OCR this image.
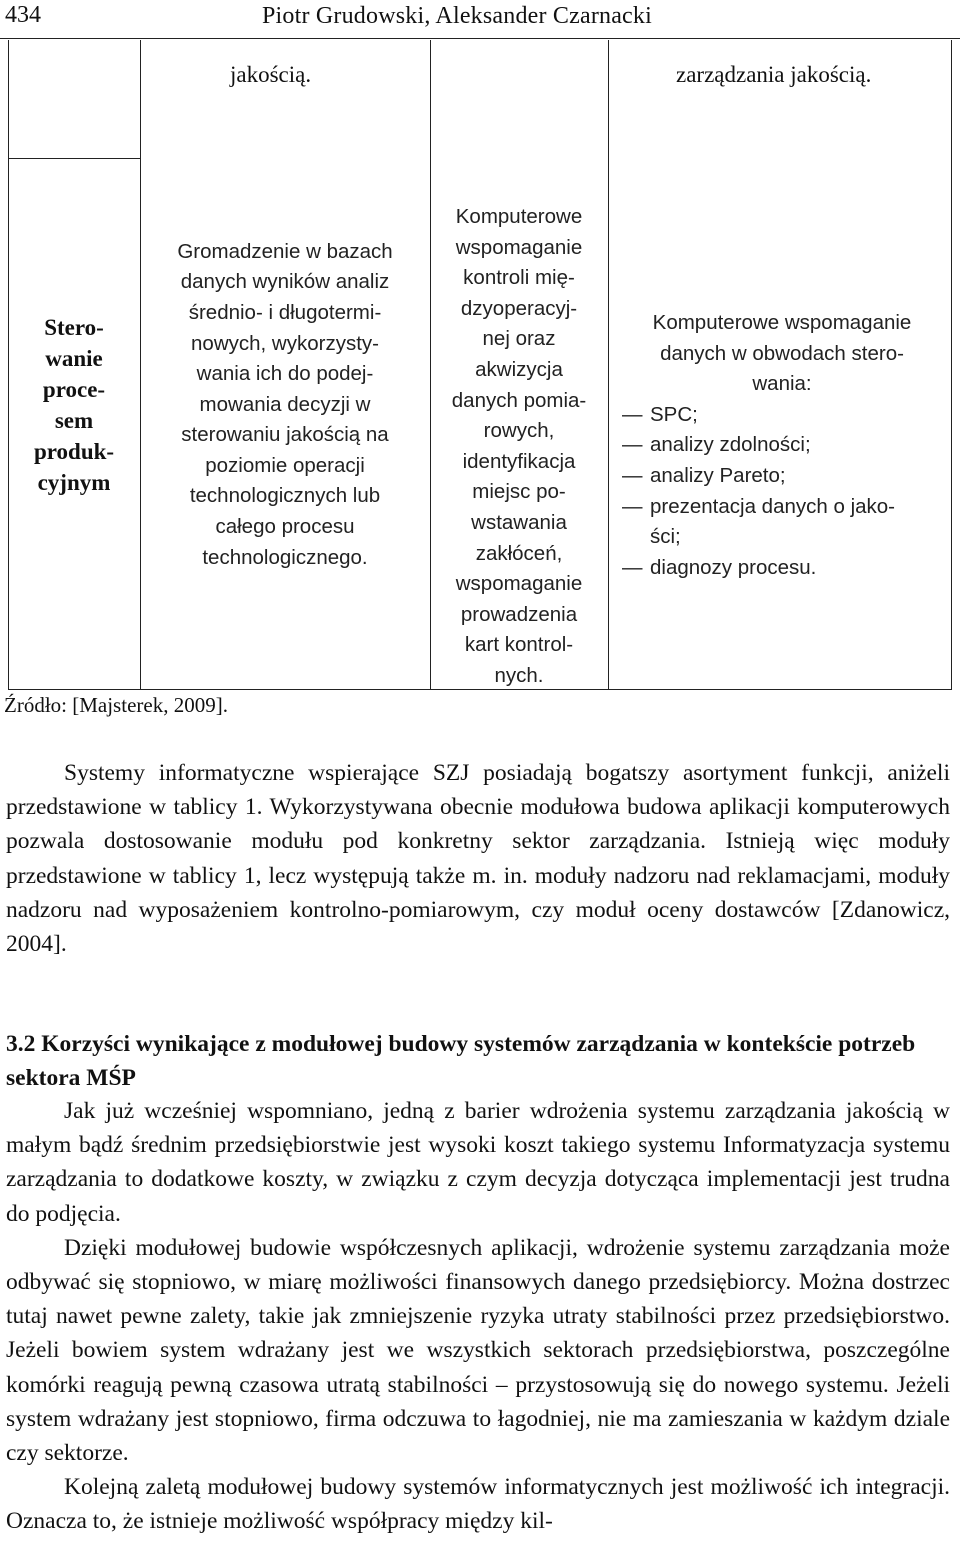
434	Piotr Grudowski, Aleksander Czarnacki
jakością.	zarządzania jakością.
Stero-
wanie
proce-
sem
produk-
cyjnym
Gromadzenie w bazach
danych wyników analiz
średnio- i długotermi-
nowych, wykorzysty-
wania ich do podej-
mowania decyzji w
sterowaniu jakością na
poziomie operacji
technologicznych lub
całego procesu
technologicznego.
Komputerowe
wspomaganie
kontroli mię-
dzyoperacyj-
nej oraz
akwizycja
danych pomia-
rowych,
identyfikacja
miejsc po-
wstawania
zakłóceń,
wspomaganie
prowadzenia
kart kontrol-
nych.
Komputerowe wspomaganie
danych w obwodach stero-
wania:
— SPC;
— analizy zdolności;
— analizy Pareto;
— prezentacja danych o jako-
ści;
— diagnozy procesu.
Źródło: [Majsterek, 2009].

Systemy informatyczne wspierające SZJ posiadają bogatszy asortyment funkcji, aniżeli przedstawione w tablicy 1. Wykorzystywana obecnie modułowa budowa aplikacji komputerowych pozwala dostosowanie modułu pod konkretny sektor zarządzania. Istnieją więc moduły przedstawione w tablicy 1, lecz występują także m. in. moduły nadzoru nad reklamacjami, moduły nadzoru nad wyposażeniem kontrolno-pomiarowym, czy moduł oceny dostawców [Zdanowicz, 2004].

3.2 Korzyści wynikające z modułowej budowy systemów zarządzania w kontekście potrzeb sektora MŚP

Jak już wcześniej wspomniano, jedną z barier wdrożenia systemu zarządzania jakością w małym bądź średnim przedsiębiorstwie jest wysoki koszt takiego systemu Informatyzacja systemu zarządzania to dodatkowe koszty, w związku z czym decyzja dotycząca implementacji jest trudna do podjęcia.

Dzięki modułowej budowie współczesnych aplikacji, wdrożenie systemu zarządzania może odbywać się stopniowo, w miarę możliwości finansowych danego przedsiębiorcy. Można dostrzec tutaj nawet pewne zalety, takie jak zmniejszenie ryzyka utraty stabilności przez przedsiębiorstwo. Jeżeli bowiem system wdrażany jest we wszystkich sektorach przedsiębiorstwa, poszczególne komórki reagują pewną czasowa utratą stabilności – przystosowują się do nowego systemu. Jeżeli system wdrażany jest stopniowo, firma odczuwa to łagodniej, nie ma zamieszania w każdym dziale czy sektorze.

Kolejną zaletą modułowej budowy systemów informatycznych jest możliwość ich integracji. Oznacza to, że istnieje możliwość współpracy między kil-
